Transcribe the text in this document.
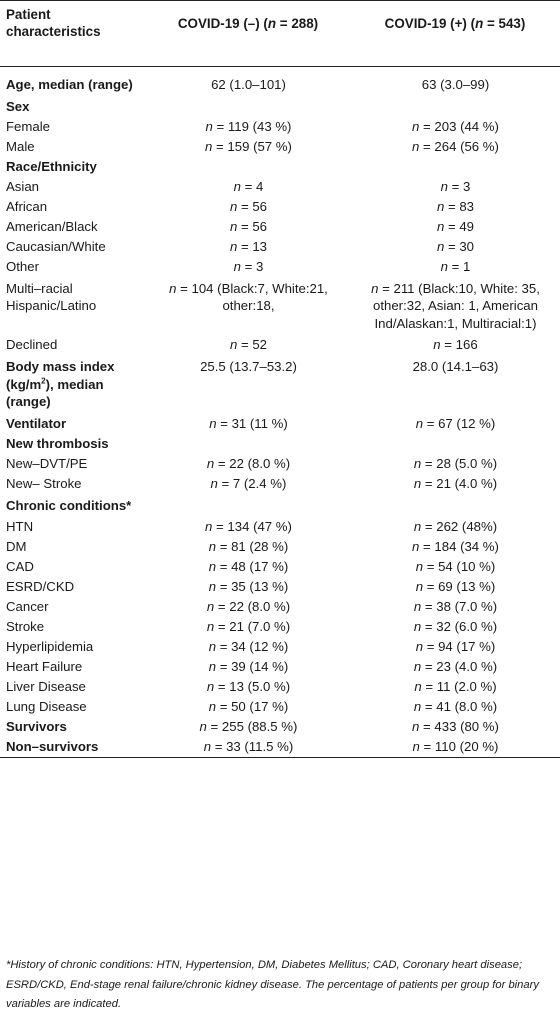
Patient characteristics	COVID-19 (–) (n = 288)	COVID-19 (+) (n = 543)
Age, median (range)	62 (1.0–101)	63 (3.0–99)
Sex		
Female	n = 119 (43 %)	n = 203 (44 %)
Male	n = 159 (57 %)	n = 264 (56 %)
Race/Ethnicity		
Asian	n = 4	n = 3
African	n = 56	n = 83
American/Black	n = 56	n = 49
Caucasian/White	n = 13	n = 30
Other	n = 3	n = 1
Multi–racial Hispanic/Latino	n = 104 (Black:7, White:21, other:18,	n = 211 (Black:10, White: 35, other:32, Asian: 1, American Ind/Alaskan:1, Multiracial:1)
Declined	n = 52	n = 166
Body mass index $(kg/m^2)$, median (range)	25.5 (13.7–53.2)	28.0 (14.1–63)
Ventilator	n = 31 (11 %)	n = 67 (12 %)
New thrombosis		
New–DVT/PE	n = 22 (8.0 %)	n = 28 (5.0 %)
New– Stroke	n = 7 (2.4 %)	n = 21 (4.0 %)
Chronic conditions*		
HTN	n = 134 (47 %)	n = 262 (48%)
DM	n = 81 (28 %)	n = 184 (34 %)
CAD	n = 48 (17 %)	n = 54 (10 %)
ESRD/CKD	n = 35 (13 %)	n = 69 (13 %)
Cancer	n = 22 (8.0 %)	n = 38 (7.0 %)
Stroke	n = 21 (7.0 %)	n = 32 (6.0 %)
Hyperlipidemia	n = 34 (12 %)	n = 94 (17 %)
Heart Failure	n = 39 (14 %)	n = 23 (4.0 %)
Liver Disease	n = 13 (5.0 %)	n = 11 (2.0 %)
Lung Disease	n = 50 (17 %)	n = 41 (8.0 %)
Survivors	n = 255 (88.5 %)	n = 433 (80 %)
Non–survivors	n = 33 (11.5 %)	n = 110 (20 %)
*History of chronic conditions: HTN, Hypertension, DM, Diabetes Mellitus; CAD, Coronary heart disease; ESRD/CKD, End-stage renal failure/chronic kidney disease. The percentage of patients per group for binary variables are indicated.
